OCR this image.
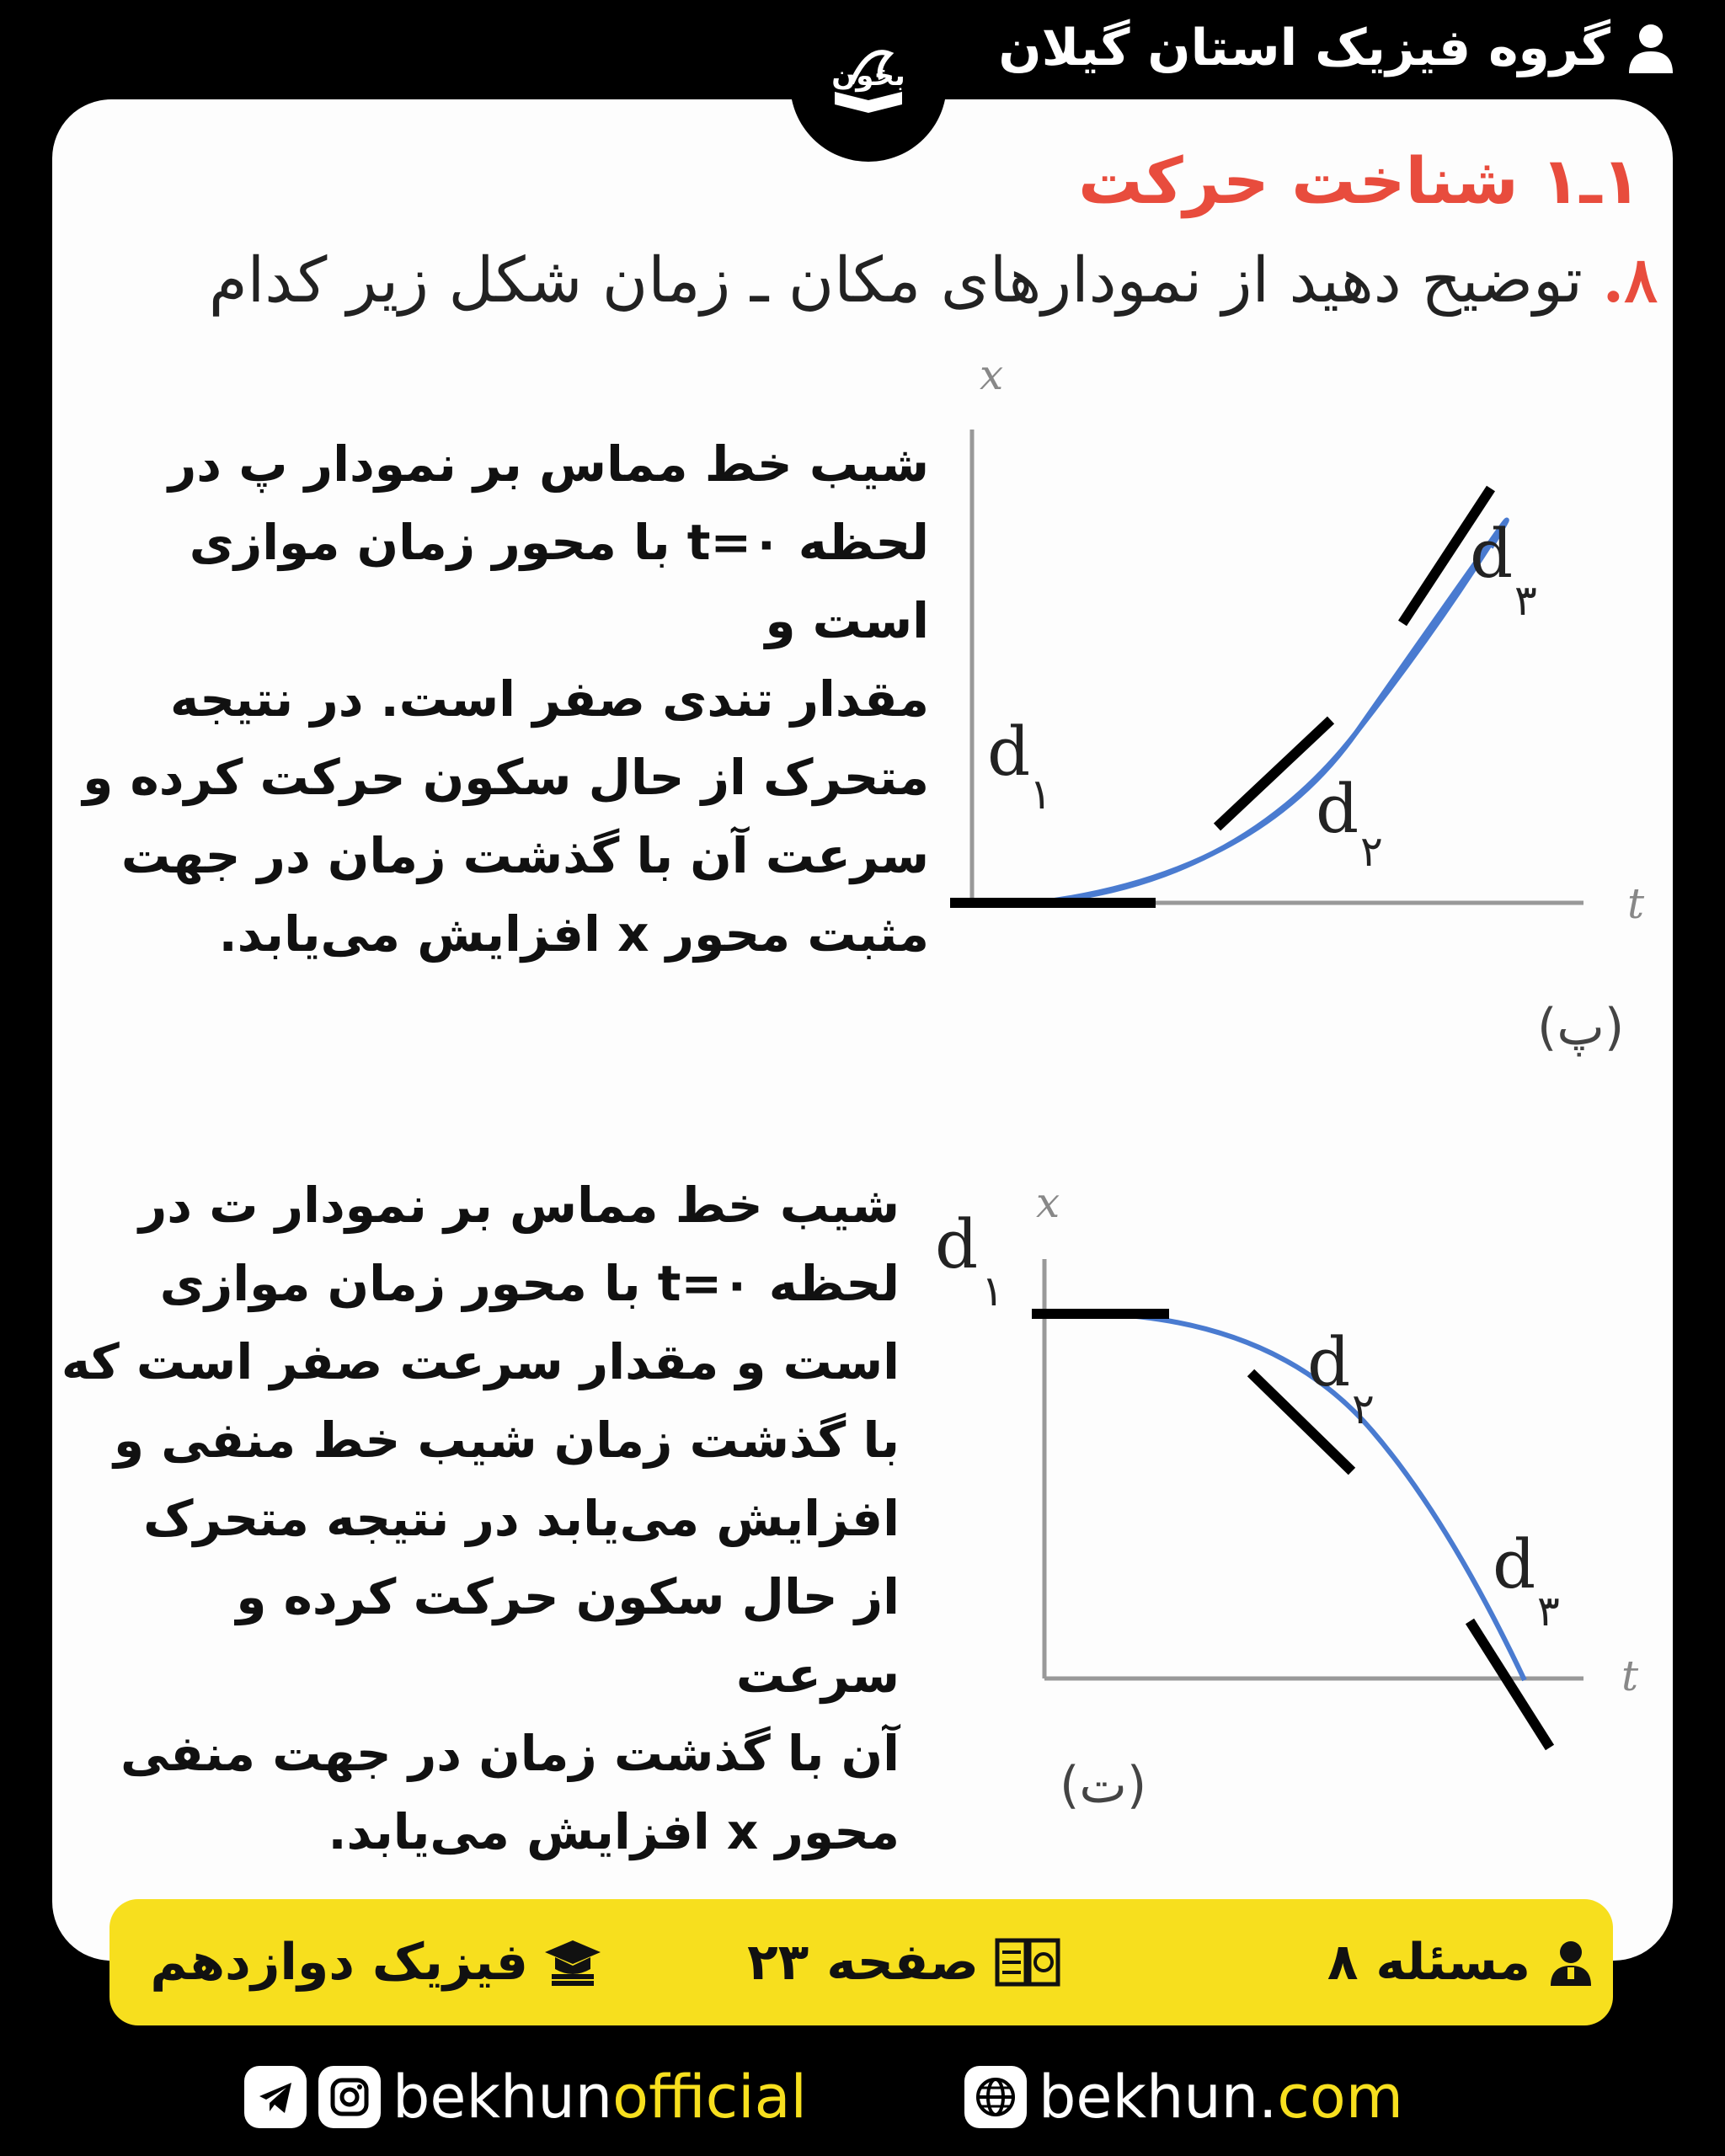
گروه فیزیک استان گیلان
بخون
۱ـ۱ شناخت حرکت
۸. توضیح دهید از نمودارهای مکان ـ زمان شکل زیر کدام
شیب خط مماس بر نمودار پ در
لحظه ۰=t با محور زمان موازی است و
مقدار تندی صفر است. در نتیجه
متحرک از حال سکون حرکت کرده و
سرعت آن با گذشت زمان در جهت
مثبت محور x افزایش می‌یابد.
x
t
d
۱	d
۲
d
۳
(پ)
شیب خط مماس بر نمودار ت در
لحظه ۰=t با محور زمان موازی
است و مقدار سرعت صفر است که
با گذشت زمان شیب خط منفی و
افزایش می‌یابد در نتیجه متحرک
از حال سکون حرکت کرده و سرعت
آن با گذشت زمان در جهت منفی
محور x افزایش می‌یابد.
x
t
d
۱
d
۲
d
۳
(ت)
مسئله ۸
صفحه ۲۳
فیزیک دوازدهم
bekhunofficial	bekhun.com
